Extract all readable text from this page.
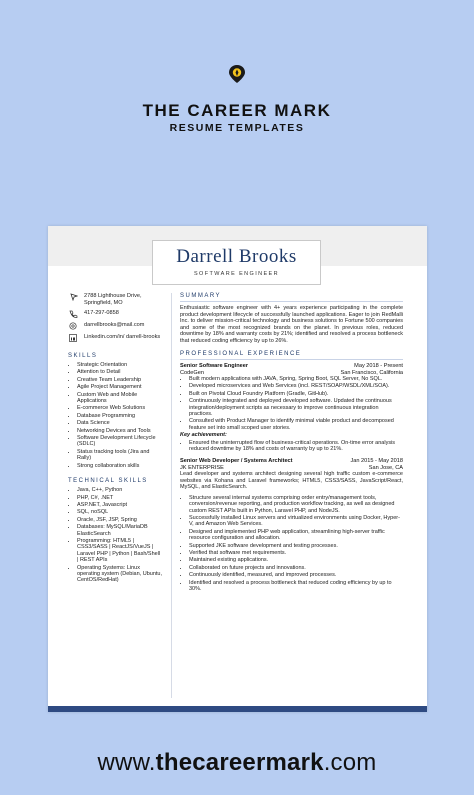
THE CAREER MARK
RESUME TEMPLATES
Darrell Brooks
SOFTWARE ENGINEER
2788 Lighthouse Drive, Springfield, MO
417-297-0858
darrellbrooks@mail.com
Linkedin.com/in/ darrell-brooks
SKILLS
• Strategic Orientation
• Attention to Detail
• Creative Team Leadership
• Agile Project Management
• Custom Web and Mobile Applications
• E-commerce Web Solutions
• Database Programming
• Data Science
• Networking Devices and Tools
• Software Development Lifecycle (SDLC)
• Status tracking tools (Jira and Rally)
• Strong collaboration skills
TECHNICAL SKILLS
• Java, C++, Python
• PHP, C#, .NET
• ASP.NET, Javascript
• SQL, noSQL
• Oracle, JSF, JSP, Spring
• Databases: MySQL/MariaDB ElasticSearch
• Programming: HTML5 | CSS3/SASS | ReactJS/VueJS | Laravel PHP | Python | Bash/Shell | REST APIs
• Operating Systems: Linux operating system (Debian, Ubuntu, CentOS/RedHat)
SUMMARY

Enthusiastic software engineer with 4+ years experience participating in the complete product development lifecycle of successfully launched applications. Eager to join RedMalli Inc. to deliver mission-critical technology and business solutions to Fortune 500 companies and some of the most recognized brands on the planet. In previous roles, reduced downtime by 18% and warranty costs by 21%; identified and resolved a process bottleneck that reduced coding efficiency by up to 26%.

PROFESSIONAL EXPERIENCE
Senior Software Engineer	May 2018 - Present
CodeGen	San Francisco, California
• Built modern applications with JAVA, Spring, Spring Boot, SQL Server, No SQL.
• Developed microservices and Web Services (incl. REST/SOAP/WSDL/XML/SOA).
• Built on Pivotal Cloud Foundry Platform (Gradle, GitHub).
• Continuously integrated and deployed developed software. Updated the continuous integration/deployment scripts as necessary to improve continuous integration practices.
• Consulted with Product Manager to identify minimal viable product and decomposed feature set into small scoped user stories.
Key achievement:
• Ensured the uninterrupted flow of business-critical operations. On-time error analysis reduced downtime by 18% and costs of warranty by up to 21%.
Senior Web Developer / Systems Architect	Jan 2015 - May 2018
JK ENTERPRISE	San Jose, CA

Lead developer and systems architect designing several high traffic custom e-commerce websites via Kohana and Laravel frameworks; HTML5, CSS3/SASS, JavaScript/React, MySQL, and ElasticSearch.

• Structure several internal systems comprising order entry/management tools, conversion/revenue reporting, and production workflow tracking, as well as designed custom REST APIs built in Python, Laravel PHP, and NodeJS.
• Successfully installed Linux servers and virtualized environments using Docker, Hyper-V, and Amazon Web Services.
• Designed and implemented PHP web application, streamlining high-server traffic resource configuration and allocation.
• Supported JKE software development and testing processes.
• Verified that software met requirements.
• Maintained existing applications.
• Collaborated on future projects and innovations.
• Continuously identified, measured, and improved processes.
• Identified and resolved a process bottleneck that reduced coding efficiency by up to 30%.
www.thecareermark.com
